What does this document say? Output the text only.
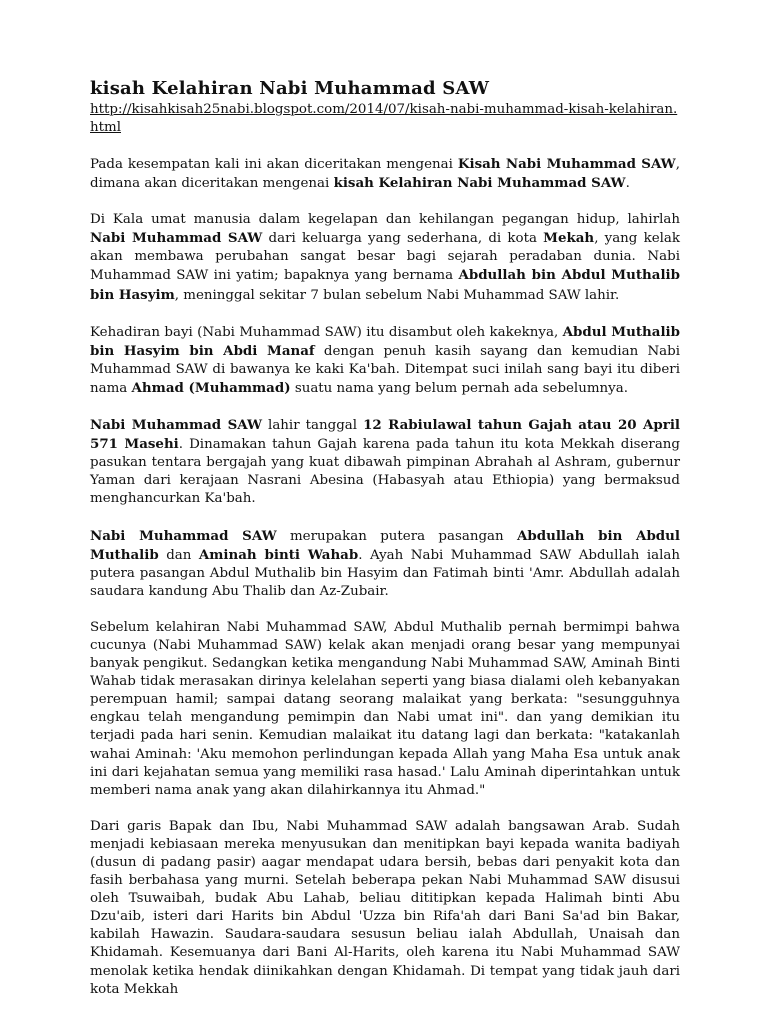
kisah Kelahiran Nabi Muhammad SAW
http://kisahkisah25nabi.blogspot.com/2014/07/kisah-nabi-muhammad-kisah-kelahiran.html

Pada kesempatan kali ini akan diceritakan mengenai Kisah Nabi Muhammad SAW, dimana akan diceritakan mengenai kisah Kelahiran Nabi Muhammad SAW.

Di Kala umat manusia dalam kegelapan dan kehilangan pegangan hidup, lahirlah Nabi Muhammad SAW dari keluarga yang sederhana, di kota Mekah, yang kelak akan membawa perubahan sangat besar bagi sejarah peradaban dunia. Nabi Muhammad SAW ini yatim; bapaknya yang bernama Abdullah bin Abdul Muthalib bin Hasyim, meninggal sekitar 7 bulan sebelum Nabi Muhammad SAW lahir.

Kehadiran bayi (Nabi Muhammad SAW) itu disambut oleh kakeknya, Abdul Muthalib bin Hasyim bin Abdi Manaf dengan penuh kasih sayang dan kemudian Nabi Muhammad SAW di bawanya ke kaki Ka'bah. Ditempat suci inilah sang bayi itu diberi nama Ahmad (Muhammad) suatu nama yang belum pernah ada sebelumnya.

Nabi Muhammad SAW lahir tanggal 12 Rabiulawal tahun Gajah atau 20 April 571 Masehi. Dinamakan tahun Gajah karena pada tahun itu kota Mekkah diserang pasukan tentara bergajah yang kuat dibawah pimpinan Abrahah al Ashram, gubernur Yaman dari kerajaan Nasrani Abesina (Habasyah atau Ethiopia) yang bermaksud menghancurkan Ka'bah.

Nabi Muhammad SAW merupakan putera pasangan Abdullah bin Abdul Muthalib dan Aminah binti Wahab. Ayah Nabi Muhammad SAW Abdullah ialah putera pasangan Abdul Muthalib bin Hasyim dan Fatimah binti 'Amr. Abdullah adalah saudara kandung Abu Thalib dan Az-Zubair.

Sebelum kelahiran Nabi Muhammad SAW, Abdul Muthalib pernah bermimpi bahwa cucunya (Nabi Muhammad SAW) kelak akan menjadi orang besar yang mempunyai banyak pengikut. Sedangkan ketika mengandung Nabi Muhammad SAW, Aminah Binti Wahab tidak merasakan dirinya kelelahan seperti yang biasa dialami oleh kebanyakan perempuan hamil; sampai datang seorang malaikat yang berkata: "sesungguhnya engkau telah mengandung pemimpin dan Nabi umat ini". dan yang demikian itu terjadi pada hari senin. Kemudian malaikat itu datang lagi dan berkata: "katakanlah wahai Aminah: 'Aku memohon perlindungan kepada Allah yang Maha Esa untuk anak ini dari kejahatan semua yang memiliki rasa hasad.' Lalu Aminah diperintahkan untuk memberi nama anak yang akan dilahirkannya itu Ahmad."

Dari garis Bapak dan Ibu, Nabi Muhammad SAW adalah bangsawan Arab. Sudah menjadi kebiasaan mereka menyusukan dan menitipkan bayi kepada wanita badiyah (dusun di padang pasir) aagar mendapat udara bersih, bebas dari penyakit kota dan fasih berbahasa yang murni. Setelah beberapa pekan Nabi Muhammad SAW disusui oleh Tsuwaibah, budak Abu Lahab, beliau dititipkan kepada Halimah binti Abu Dzu'aib, isteri dari Harits bin Abdul 'Uzza bin Rifa'ah dari Bani Sa'ad bin Bakar, kabilah Hawazin. Saudara-saudara sesusun beliau ialah Abdullah, Unaisah dan Khidamah. Kesemuanya dari Bani Al-Harits, oleh karena itu Nabi Muhammad SAW menolak ketika hendak diinikahkan dengan Khidamah. Di tempat yang tidak jauh dari kota Mekkah
